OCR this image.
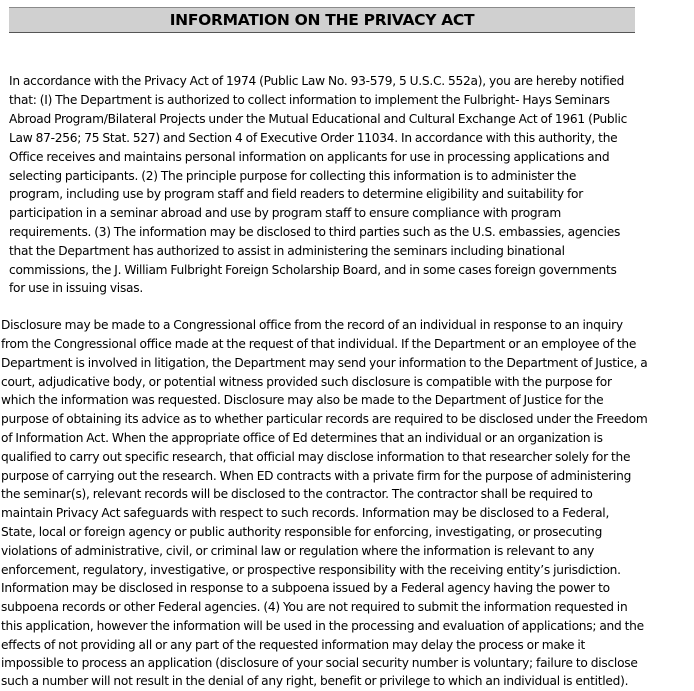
INFORMATION ON THE PRIVACY ACT
In accordance with the Privacy Act of 1974 (Public Law No. 93-579, 5 U.S.C. 552a), you are hereby notified
that: (I) The Department is authorized to collect information to implement the Fulbright- Hays Seminars
Abroad Program/Bilateral Projects under the Mutual Educational and Cultural Exchange Act of 1961 (Public
Law 87-256; 75 Stat. 527) and Section 4 of Executive Order 11034. In accordance with this authority, the
Office receives and maintains personal information on applicants for use in processing applications and
selecting participants. (2) The principle purpose for collecting this information is to administer the
program, including use by program staff and field readers to determine eligibility and suitability for
participation in a seminar abroad and use by program staff to ensure compliance with program
requirements. (3) The information may be disclosed to third parties such as the U.S. embassies, agencies
that the Department has authorized to assist in administering the seminars including binational
commissions, the J. William Fulbright Foreign Scholarship Board, and in some cases foreign governments
for use in issuing visas.
Disclosure may be made to a Congressional office from the record of an individual in response to an inquiry
from the Congressional office made at the request of that individual. If the Department or an employee of the
Department is involved in litigation, the Department may send your information to the Department of Justice, a
court, adjudicative body, or potential witness provided such disclosure is compatible with the purpose for
which the information was requested. Disclosure may also be made to the Department of Justice for the
purpose of obtaining its advice as to whether particular records are required to be disclosed under the Freedom
of Information Act. When the appropriate office of Ed determines that an individual or an organization is
qualified to carry out specific research, that official may disclose information to that researcher solely for the
purpose of carrying out the research. When ED contracts with a private firm for the purpose of administering
the seminar(s), relevant records will be disclosed to the contractor. The contractor shall be required to
maintain Privacy Act safeguards with respect to such records. Information may be disclosed to a Federal,
State, local or foreign agency or public authority responsible for enforcing, investigating, or prosecuting
violations of administrative, civil, or criminal law or regulation where the information is relevant to any
enforcement, regulatory, investigative, or prospective responsibility with the receiving entity’s jurisdiction.
Information may be disclosed in response to a subpoena issued by a Federal agency having the power to
subpoena records or other Federal agencies. (4) You are not required to submit the information requested in
this application, however the information will be used in the processing and evaluation of applications; and the
effects of not providing all or any part of the requested information may delay the process or make it
impossible to process an application (disclosure of your social security number is voluntary; failure to disclose
such a number will not result in the denial of any right, benefit or privilege to which an individual is entitled).
